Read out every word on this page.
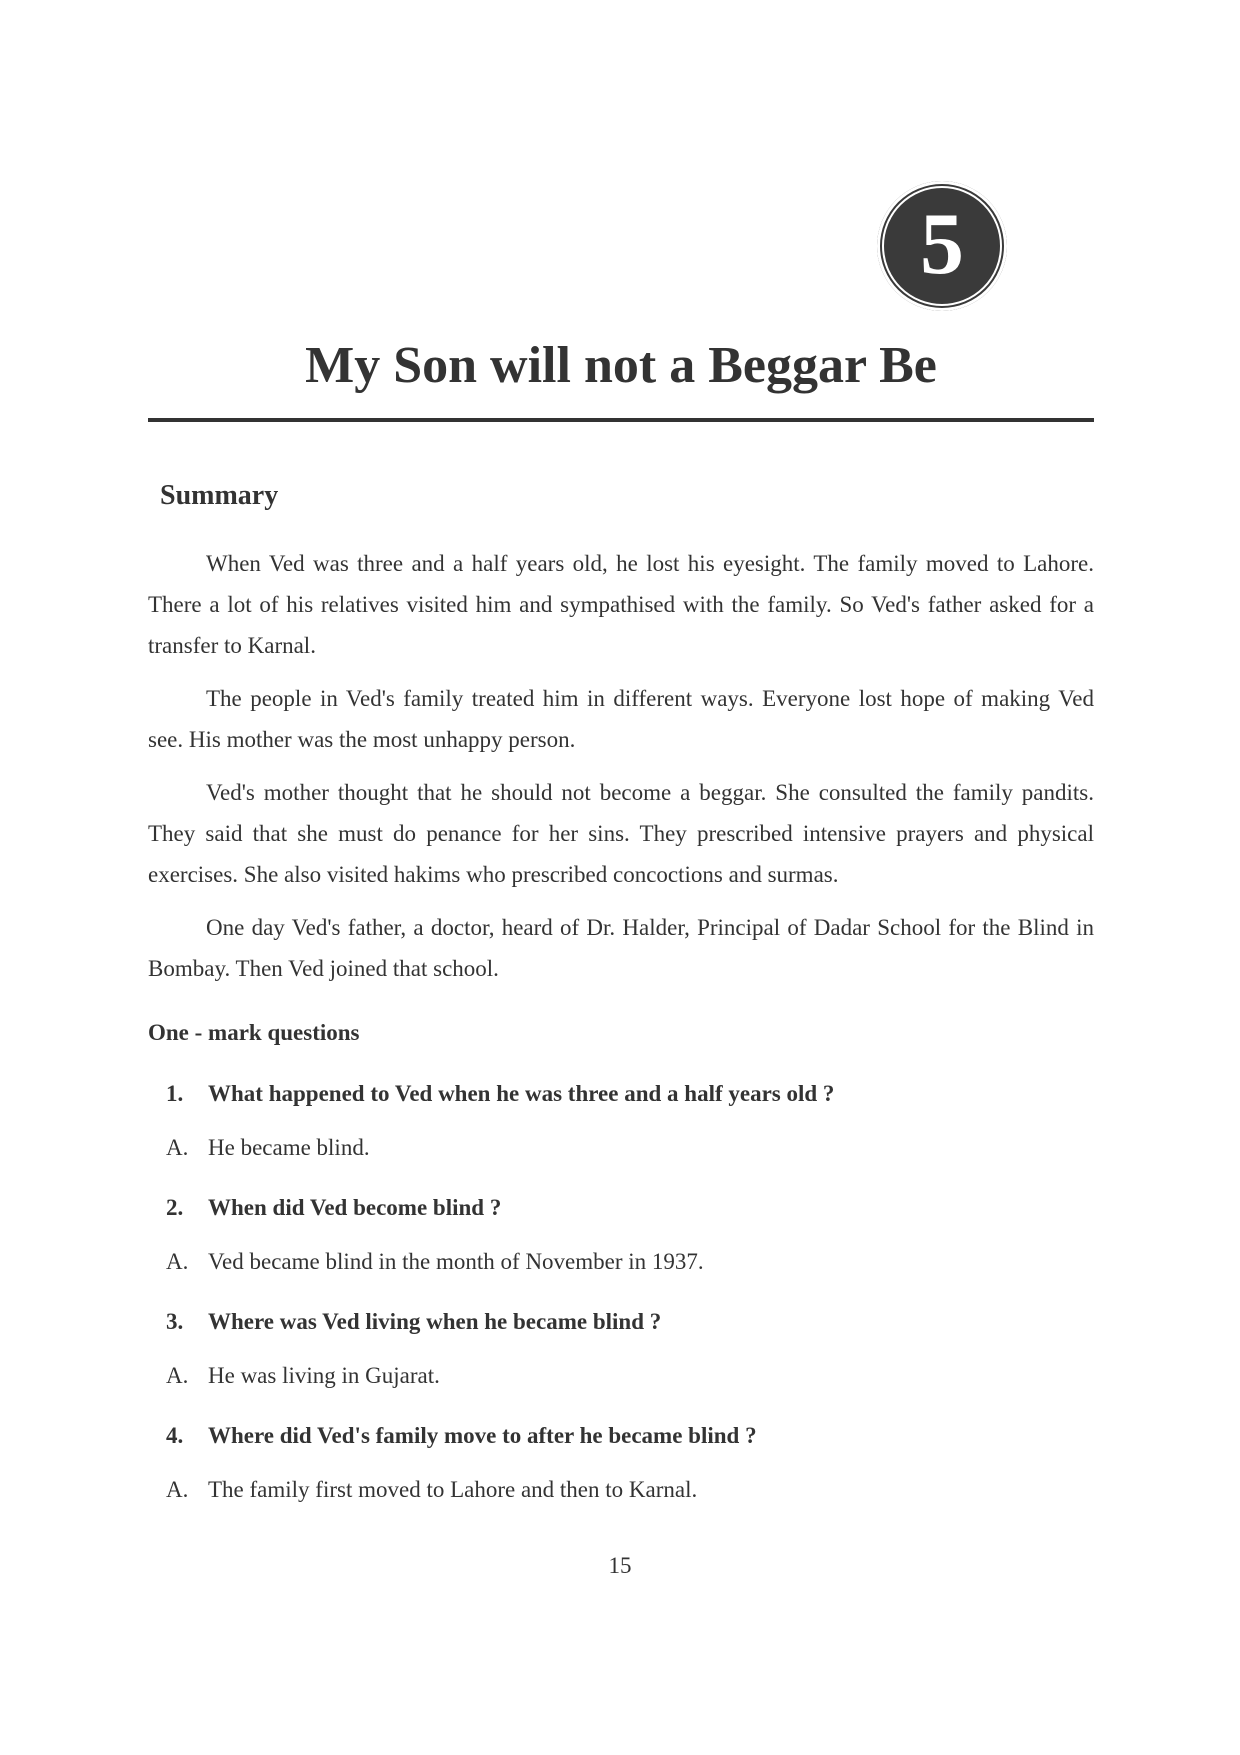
5
My Son will not a Beggar Be
Summary

When Ved was three and a half years old, he lost his eyesight. The family moved to Lahore. There a lot of his relatives visited him and sympathised with the family. So Ved's father asked for a transfer to Karnal.

The people in Ved's family treated him in different ways. Everyone lost hope of making Ved see. His mother was the most unhappy person.

Ved's mother thought that he should not become a beggar. She consulted the family pandits. They said that she must do penance for her sins. They prescribed intensive prayers and physical exercises. She also visited hakims who prescribed concoctions and surmas.

One day Ved's father, a doctor, heard of Dr. Halder, Principal of Dadar School for the Blind in Bombay. Then Ved joined that school.

One - mark questions
1.	What happened to Ved when he was three and a half years old ?
A. He became blind.
2.	When did Ved become blind ?
A. Ved became blind in the month of November in 1937.
3.	Where was Ved living when he became blind ?
A. He was living in Gujarat.
4.	Where did Ved's family move to after he became blind ?
A. The family first moved to Lahore and then to Karnal.
15
